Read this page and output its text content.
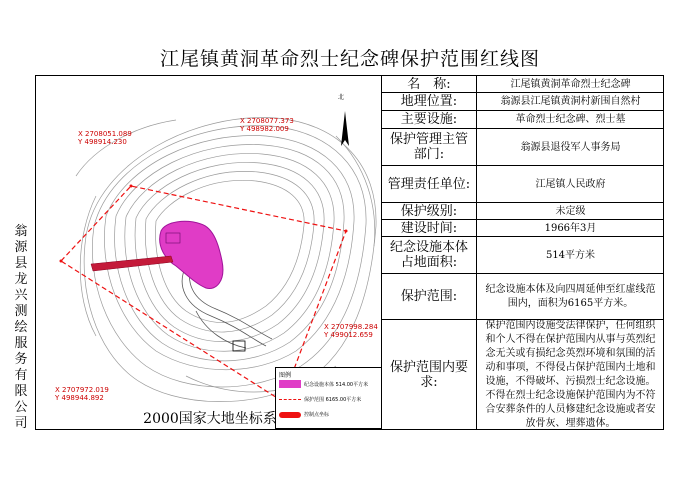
江尾镇黄洞革命烈士纪念碑保护范围红线图
北
X 2708051.089
Y 498914.230
X 2708077.373
Y 498982.009
X 2707998.284
Y 499012.659
X 2707972.019
Y 498944.892
图例
纪念设施本体
514.00平方米
保护范围
6165.00平方米
控制点坐标
翁源县龙兴测绘服务有限公司	2000国家大地坐标系
名　称:	江尾镇黄洞革命烈士纪念碑
地理位置:	翁源县江尾镇黄洞村新围自然村
主要设施:	革命烈士纪念碑、烈士墓
保护管理主管部门:	翁源县退役军人事务局
管理责任单位:	江尾镇人民政府
保护级别:	未定级
建设时间:	1966年3月
纪念设施本体占地面积:	514平方米
保护范围:	纪念设施本体及向四周延伸至红虚线范围内，面积为6165平方米。
保护范围内要求:
保护范围内设施受法律保护，任何组织和个人不得在保护范围内从事与英烈纪念无关或有损纪念英烈环境和氛围的活动和事项，不得侵占保护范围内土地和设施，不得破坏、污损烈士纪念设施。不得在烈士纪念设施保护范围内为不符合安葬条件的人员修建纪念设施或者安放骨灰、埋葬遗体。
